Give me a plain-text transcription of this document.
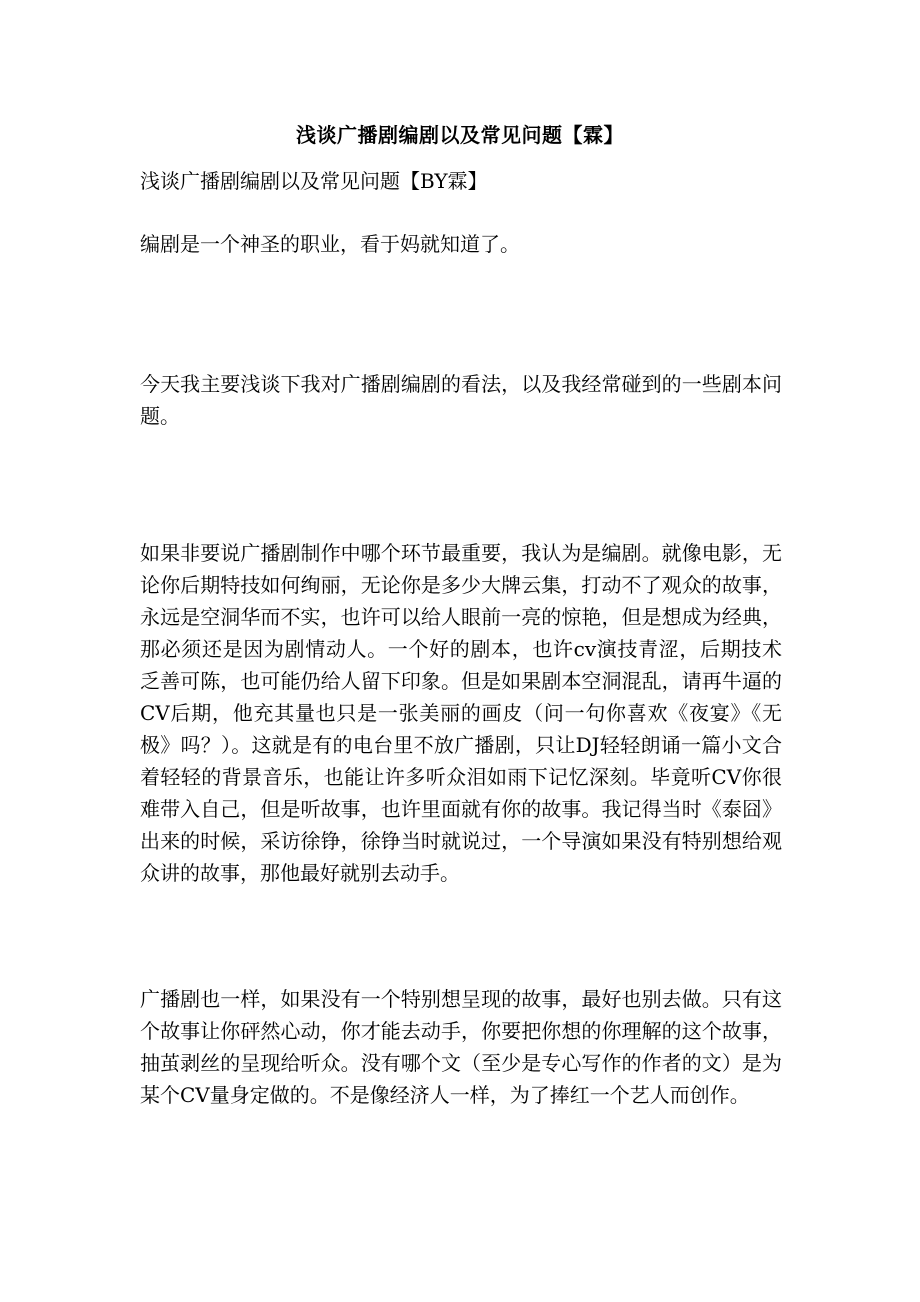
浅谈广播剧编剧以及常见问题【霖】
浅谈广播剧编剧以及常见问题【BY霖】
编剧是一个神圣的职业，看于妈就知道了。
今天我主要浅谈下我对广播剧编剧的看法，以及我经常碰到的一些剧本问题。
如果非要说广播剧制作中哪个环节最重要，我认为是编剧。就像电影，无论你后期特技如何绚丽，无论你是多少大牌云集，打动不了观众的故事，永远是空洞华而不实，也许可以给人眼前一亮的惊艳，但是想成为经典，那必须还是因为剧情动人。一个好的剧本，也许cv演技青涩，后期技术乏善可陈，也可能仍给人留下印象。但是如果剧本空洞混乱，请再牛逼的CV后期，他充其量也只是一张美丽的画皮（问一句你喜欢《夜宴》《无极》吗？）。这就是有的电台里不放广播剧，只让DJ轻轻朗诵一篇小文合着轻轻的背景音乐，也能让许多听众泪如雨下记忆深刻。毕竟听CV你很难带入自己，但是听故事，也许里面就有你的故事。我记得当时《泰囧》出来的时候，采访徐铮，徐铮当时就说过，一个导演如果没有特别想给观众讲的故事，那他最好就别去动手。
广播剧也一样，如果没有一个特别想呈现的故事，最好也别去做。只有这个故事让你砰然心动，你才能去动手，你要把你想的你理解的这个故事，抽茧剥丝的呈现给听众。没有哪个文（至少是专心写作的作者的文）是为某个CV量身定做的。不是像经济人一样，为了捧红一个艺人而创作。
